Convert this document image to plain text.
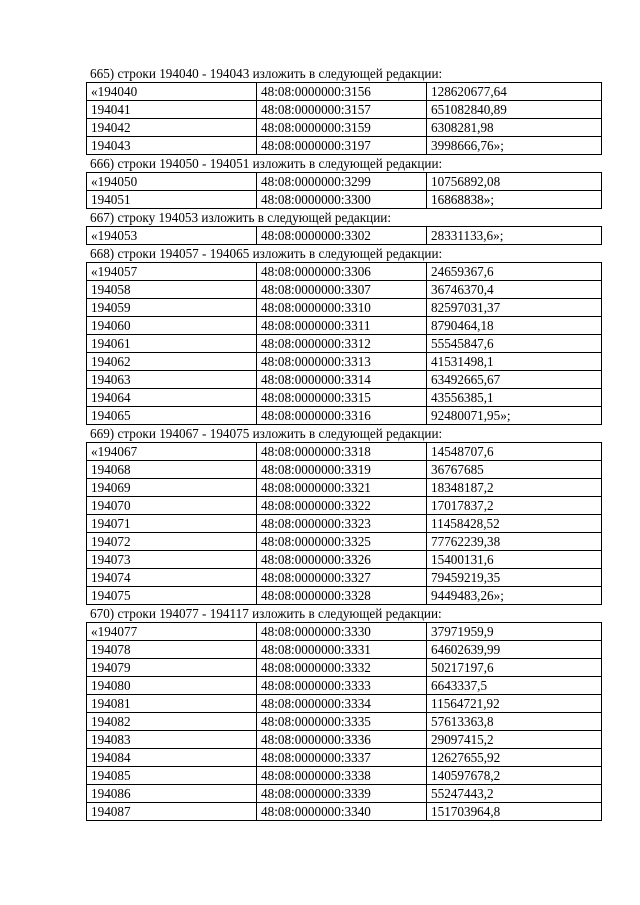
665) строки 194040 - 194043 изложить в следующей редакции:
«194040	48:08:0000000:3156	128620677,64
194041	48:08:0000000:3157	651082840,89
194042	48:08:0000000:3159	6308281,98
194043	48:08:0000000:3197	3998666,76»;
666) строки 194050 - 194051 изложить в следующей редакции:
«194050	48:08:0000000:3299	10756892,08
194051	48:08:0000000:3300	16868838»;
667) строку 194053 изложить в следующей редакции:
«194053	48:08:0000000:3302	28331133,6»;
668) строки 194057 - 194065 изложить в следующей редакции:
«194057	48:08:0000000:3306	24659367,6
194058	48:08:0000000:3307	36746370,4
194059	48:08:0000000:3310	82597031,37
194060	48:08:0000000:3311	8790464,18
194061	48:08:0000000:3312	55545847,6
194062	48:08:0000000:3313	41531498,1
194063	48:08:0000000:3314	63492665,67
194064	48:08:0000000:3315	43556385,1
194065	48:08:0000000:3316	92480071,95»;
669) строки 194067 - 194075 изложить в следующей редакции:
«194067	48:08:0000000:3318	14548707,6
194068	48:08:0000000:3319	36767685
194069	48:08:0000000:3321	18348187,2
194070	48:08:0000000:3322	17017837,2
194071	48:08:0000000:3323	11458428,52
194072	48:08:0000000:3325	77762239,38
194073	48:08:0000000:3326	15400131,6
194074	48:08:0000000:3327	79459219,35
194075	48:08:0000000:3328	9449483,26»;
670) строки 194077 - 194117 изложить в следующей редакции:
«194077	48:08:0000000:3330	37971959,9
194078	48:08:0000000:3331	64602639,99
194079	48:08:0000000:3332	50217197,6
194080	48:08:0000000:3333	6643337,5
194081	48:08:0000000:3334	11564721,92
194082	48:08:0000000:3335	57613363,8
194083	48:08:0000000:3336	29097415,2
194084	48:08:0000000:3337	12627655,92
194085	48:08:0000000:3338	140597678,2
194086	48:08:0000000:3339	55247443,2
194087	48:08:0000000:3340	151703964,8
